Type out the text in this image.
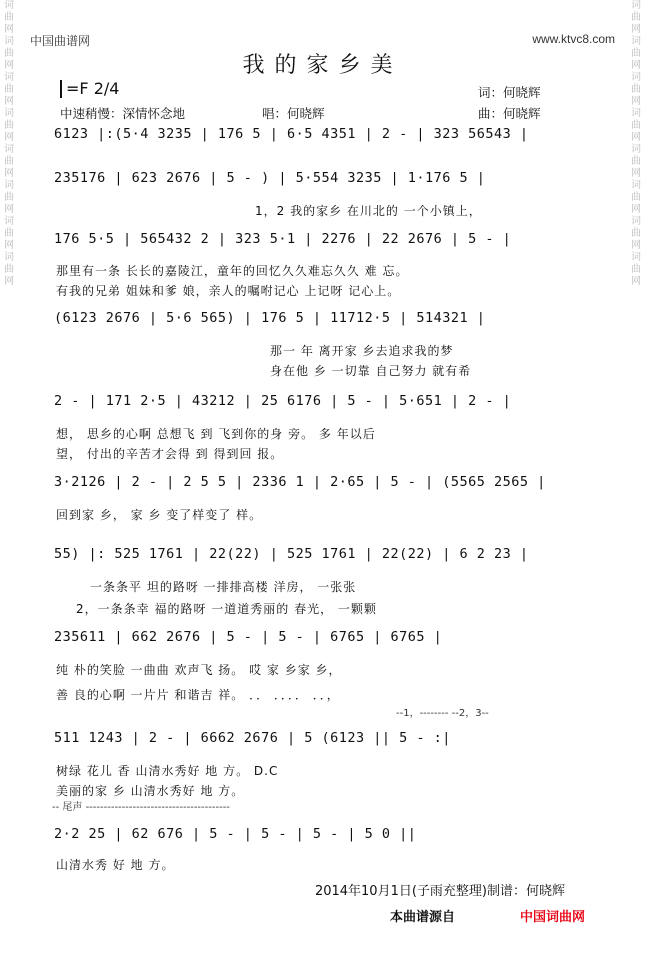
词曲网词曲网词曲网词曲网词曲网词曲网词曲网词曲网
词曲网词曲网词曲网词曲网词曲网词曲网词曲网词曲网
中国曲谱网	www.ktvc8.com
我的家乡美
=F 2/4	词：何晓辉
中速稍慢：深情怀念地	唱：何晓辉	曲：何晓辉
6123 |:(5·4 3235 | 176 5 | 6·5 4351 | 2 - | 323 56543 |
235176 | 623 2676 | 5 - ) | 5·554 3235 | 1·176 5 |
1，2 我的家乡 在川北的 一个小镇上，
176 5·5 | 565432 2 | 323 5·1 | 2276 | 22 2676 | 5 - |
那里有一条 长长的嘉陵江，童年的回忆久久难忘久久 难 忘。
有我的兄弟 姐妹和爹 娘，亲人的嘱咐记心 上记呀 记心上。
(6123 2676 | 5·6 565) | 176 5 | 11712·5 | 514321 |
那一 年 离开家 乡去追求我的梦
身在他 乡 一切靠 自己努力 就有希
2 - | 171 2·5 | 43212 | 25 6176 | 5 - | 5·651 | 2 - |
想， 思乡的心啊 总想飞 到 飞到你的身 旁。 多 年以后
望， 付出的辛苦才会得 到 得到回 报。
3·2126 | 2 - | 2 5 5 | 2336 1 | 2·65 | 5 - | (5565 2565 |
回到家 乡， 家 乡 变了样变了 样。
55) |: 525 1761 | 22(22) | 525 1761 | 22(22) | 6 2 23 |
一条条平 坦的路呀 一排排高楼 洋房， 一张张
2，一条条幸 福的路呀 一道道秀丽的 春光， 一颗颗
235611 | 662 2676 | 5 - | 5 - | 6765 | 6765 |
纯 朴的笑脸 一曲曲 欢声飞 扬。 哎 家 乡家 乡，
善 良的心啊 一片片 和谐吉 祥。 ．． ．．．． ．．，
--1，-------- --2，3--
511 1243 | 2 - | 6662 2676 | 5 (6123 || 5 - :|
树绿 花儿 香 山清水秀好 地 方。 D.C
美丽的家 乡 山清水秀好 地 方。
-- 尾声 ----------------------------------------
2·2 25 | 62 676 | 5 - | 5 - | 5 - | 5 0 ||
山清水秀 好 地 方。
2014年10月1日(子雨充整理)制谱：何晓辉
本曲谱源自	中国词曲网
